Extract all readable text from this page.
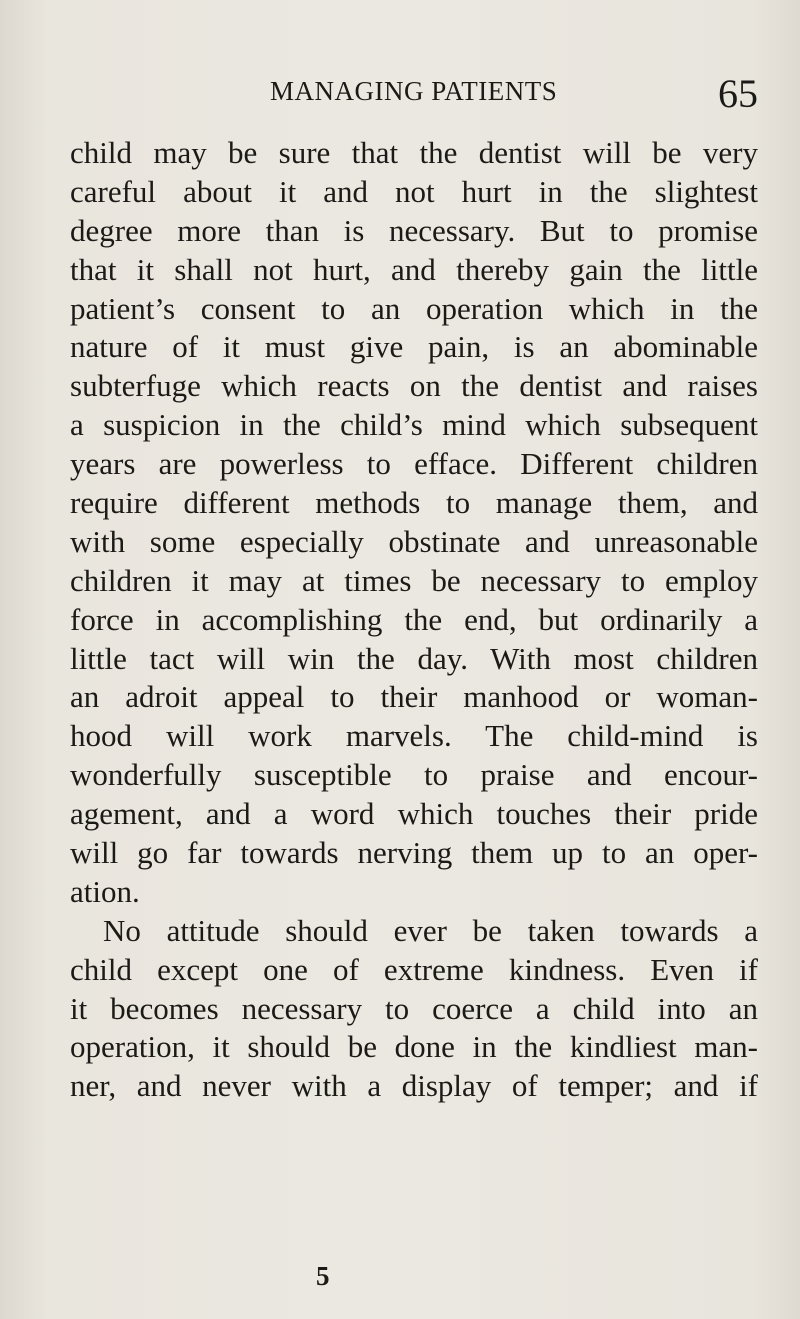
MANAGING PATIENTS	65
child may be sure that the dentist will be very
careful about it and not hurt in the slightest
degree more than is necessary. But to promise
that it shall not hurt, and thereby gain the little
patient’s consent to an operation which in the
nature of it must give pain, is an abominable
subterfuge which reacts on the dentist and raises
a suspicion in the child’s mind which subsequent
years are powerless to efface. Different children
require different methods to manage them, and
with some especially obstinate and unreasonable
children it may at times be necessary to employ
force in accomplishing the end, but ordinarily a
little tact will win the day. With most children
an adroit appeal to their manhood or woman-
hood will work marvels. The child-mind is
wonderfully susceptible to praise and encour-
agement, and a word which touches their pride
will go far towards nerving them up to an oper-
ation.
No attitude should ever be taken towards a
child except one of extreme kindness. Even if
it becomes necessary to coerce a child into an
operation, it should be done in the kindliest man-
ner, and never with a display of temper; and if
5
